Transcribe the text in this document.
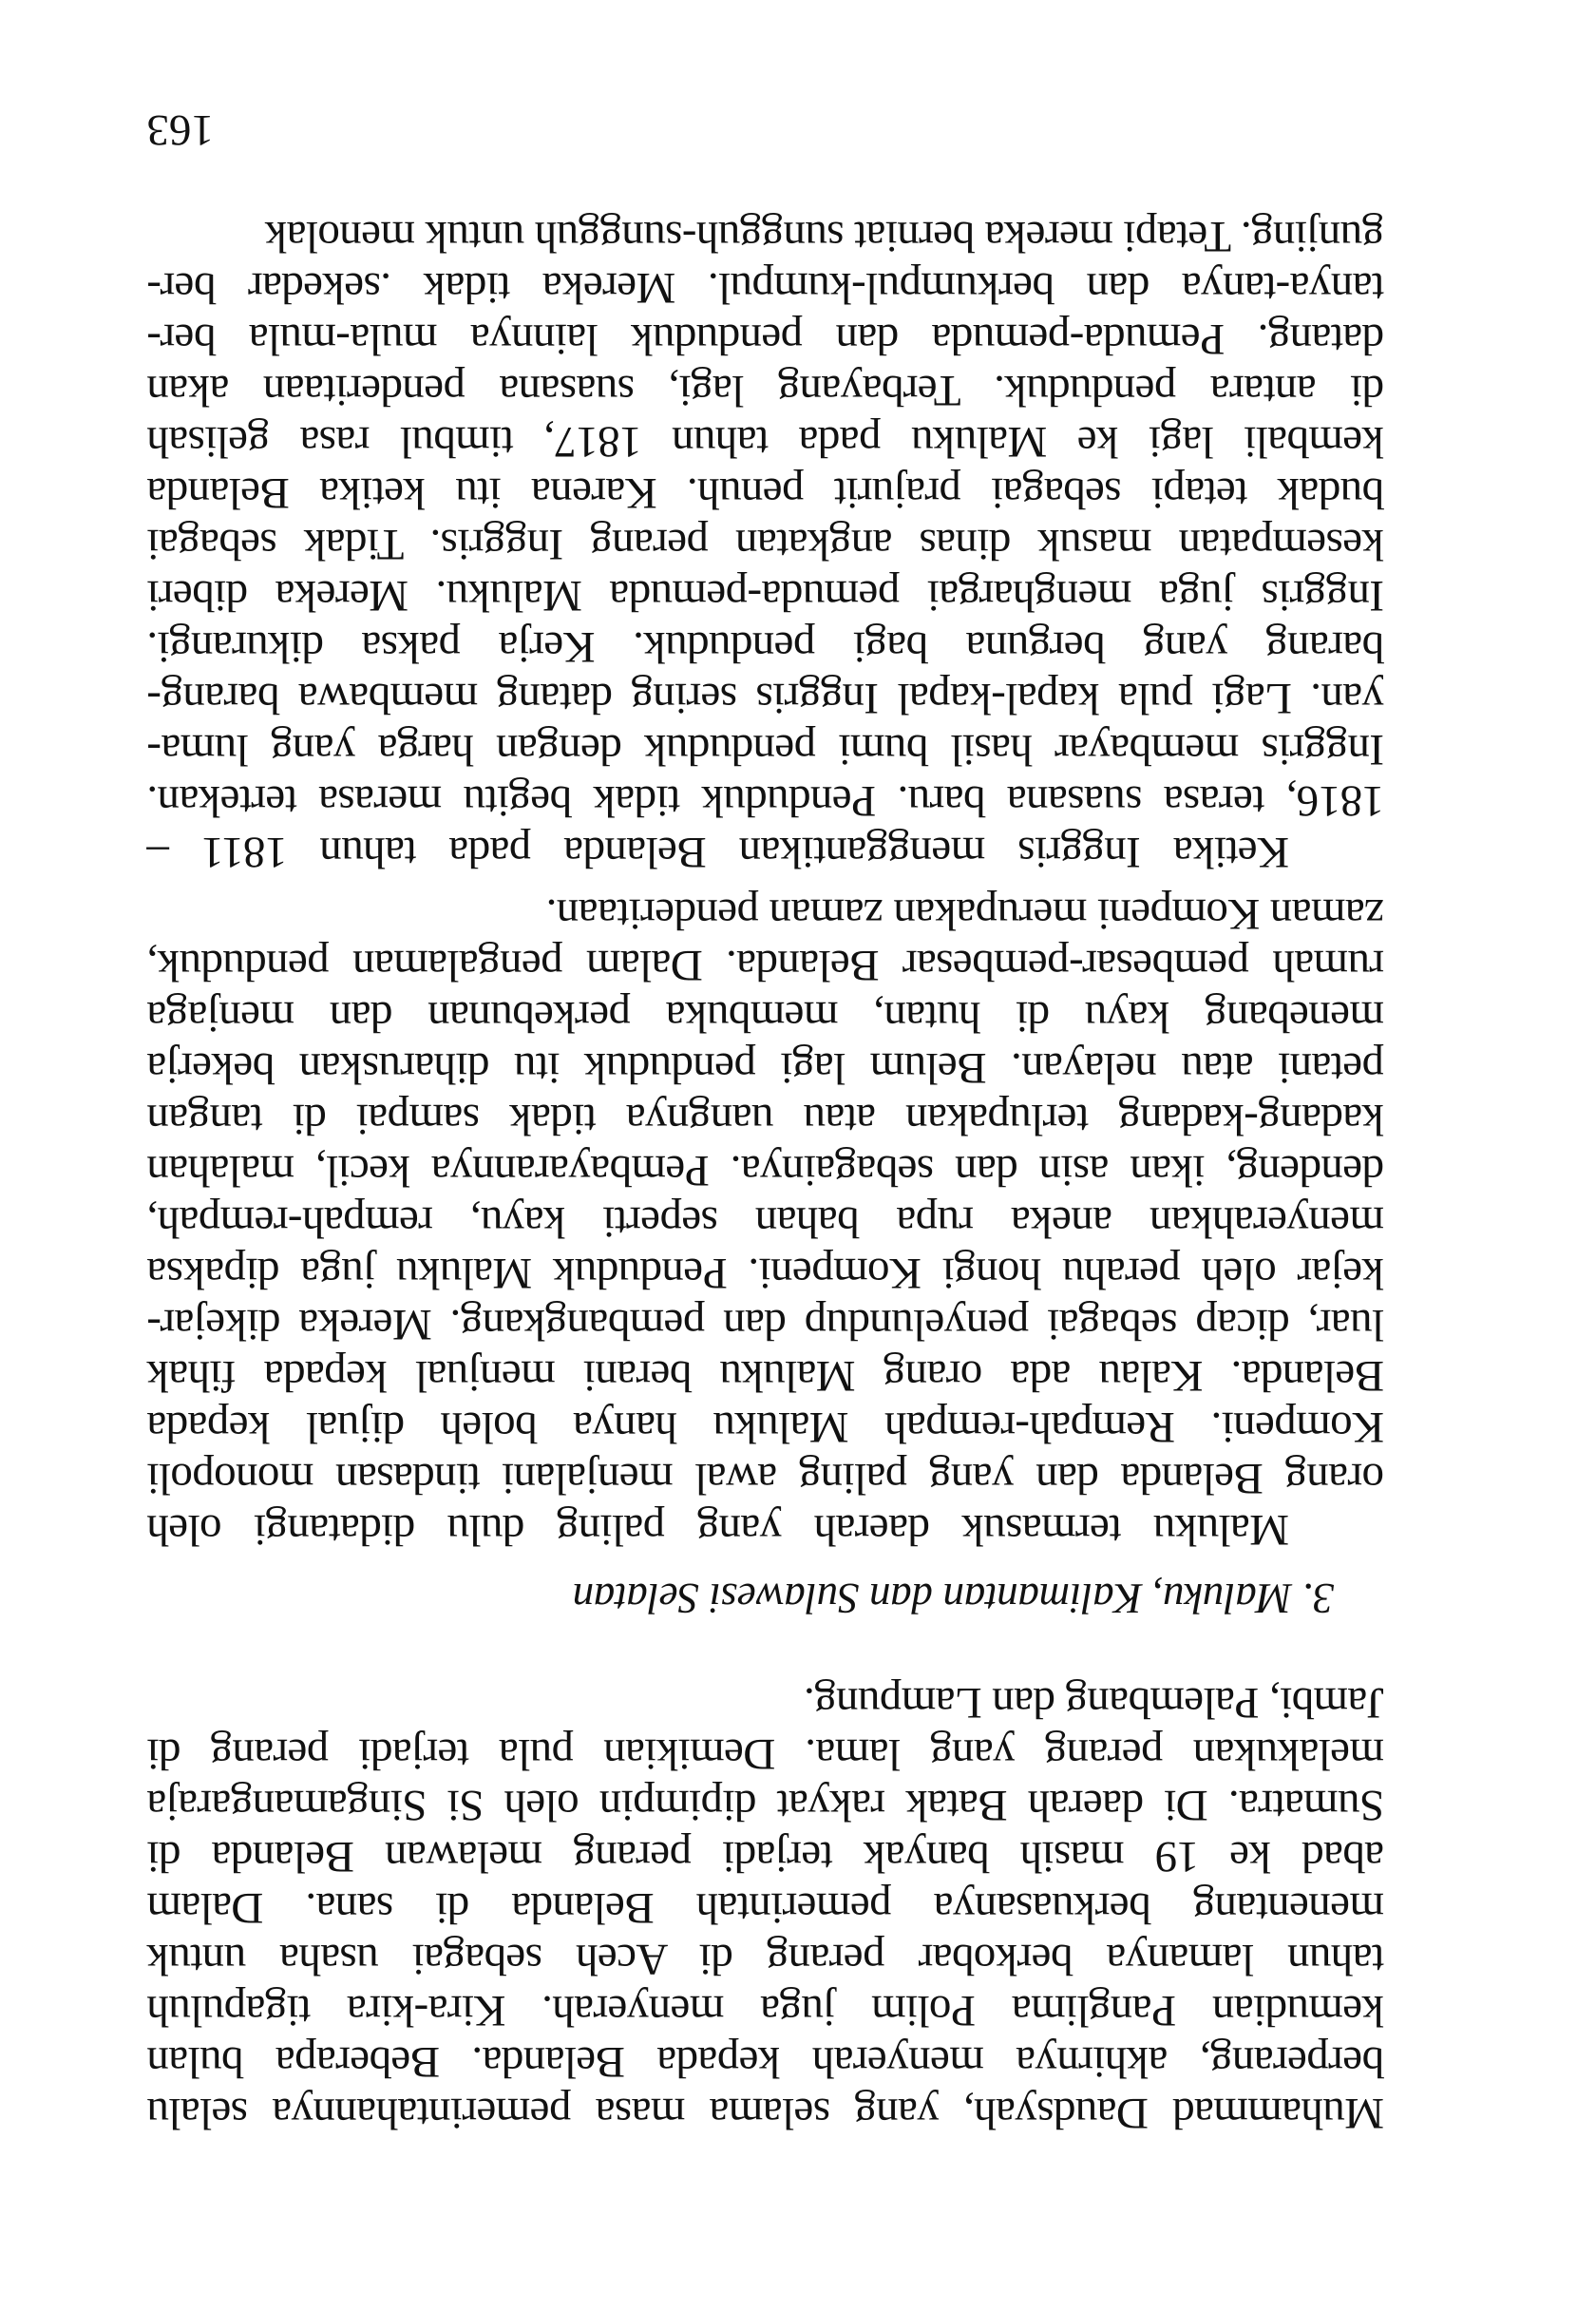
Muhammad Daudsyah, yang selama masa pemerintahannya selalu
berperang, akhirnya menyerah kepada Belanda. Beberapa bulan
kemudian Panglima Polim juga menyerah. Kira-kira tigapuluh
tahun lamanya berkobar perang di Aceh sebagai usaha untuk
menentang berkuasanya pemerintah Belanda di sana. Dalam
abad ke 19 masih banyak terjadi perang melawan Belanda di
Sumatra. Di daerah Batak rakyat dipimpin oleh Si Singamangaraja
melakukan perang yang lama. Demikian pula terjadi perang di
Jambi, Palembang dan Lampung.
3. Maluku, Kalimantan dan Sulawesi Selatan
Maluku termasuk daerah yang paling dulu didatangi oleh
orang Belanda dan yang paling awal menjalani tindasan monopoli
Kompeni. Rempah-rempah Maluku hanya boleh dijual kepada
Belanda. Kalau ada orang Maluku berani menjual kepada fihak
luar, dicap sebagai penyelundup dan pembangkang. Mereka dikejar-
kejar oleh perahu hongi Kompeni. Penduduk Maluku juga dipaksa
menyerahkan aneka rupa bahan seperti kayu, rempah-rempah,
dendeng, ikan asin dan sebagainya. Pembayarannya kecil, malahan
kadang-kadang terlupakan atau uangnya tidak sampai di tangan
petani atau nelayan. Belum lagi penduduk itu diharuskan bekerja
menebang kayu di hutan, membuka perkebunan dan menjaga
rumah pembesar-pembesar Belanda. Dalam pengalaman penduduk,
zaman Kompeni merupakan zaman penderitaan.
Ketika Inggris menggantikan Belanda pada tahun 1811 –
1816, terasa suasana baru. Penduduk tidak begitu merasa tertekan.
Inggris membayar hasil bumi penduduk dengan harga yang luma-
yan. Lagi pula kapal-kapal Inggris sering datang membawa barang-
barang yang berguna bagi penduduk. Kerja paksa dikurangi.
Inggris juga menghargai pemuda-pemuda Maluku. Mereka diberi
kesempatan masuk dinas angkatan perang Inggris. Tidak sebagai
budak tetapi sebagai prajurit penuh. Karena itu ketika Belanda
kembali lagi ke Maluku pada tahun 1817, timbul rasa gelisah
di antara penduduk. Terbayang lagi, suasana penderitaan akan
datang. Pemuda-pemuda dan penduduk lainnya mula-mula ber-
tanya-tanya dan berkumpul-kumpul. Mereka tidak .sekedar ber-
gunjing. Tetapi mereka berniat sungguh-sungguh untuk menolak
163
